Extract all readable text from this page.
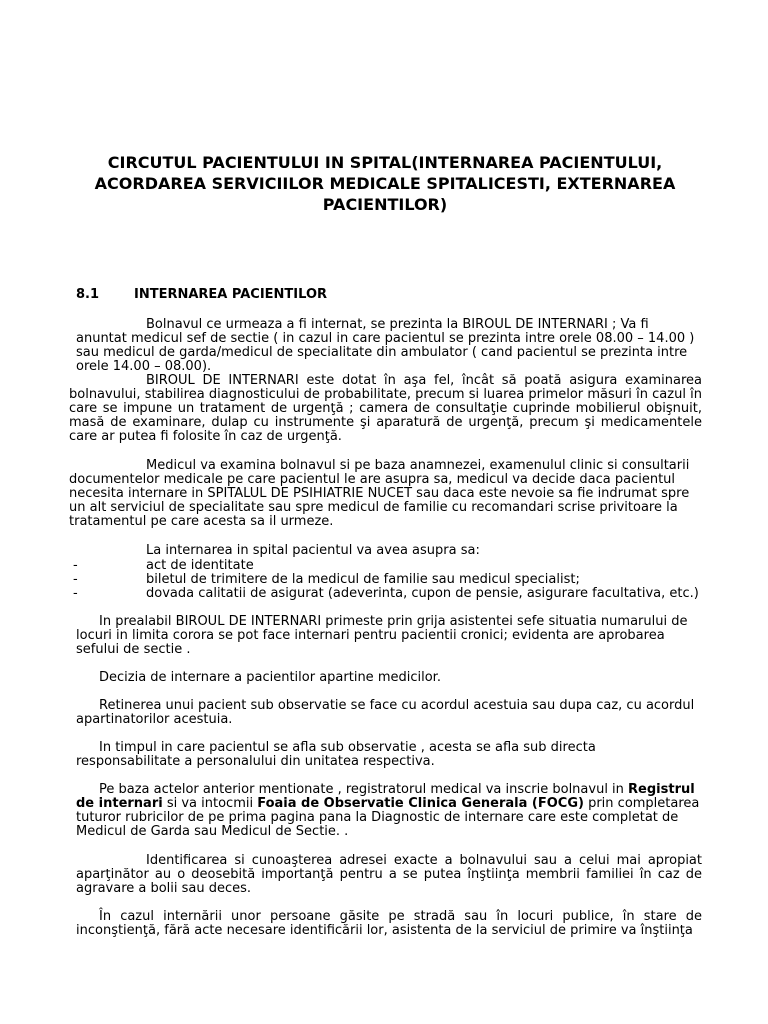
CIRCUTUL PACIENTULUI IN SPITAL(INTERNAREA PACIENTULUI, ACORDAREA SERVICIILOR MEDICALE SPITALICESTI, EXTERNAREA PACIENTILOR)
8.1	INTERNAREA PACIENTILOR

Bolnavul ce urmeaza a fi internat, se prezinta la BIROUL DE INTERNARI ; Va fi anuntat medicul sef de sectie ( in cazul in care pacientul se prezinta intre orele 08.00 – 14.00 ) sau medicul de garda/medicul de specialitate din ambulator ( cand pacientul se prezinta intre orele 14.00 – 08.00).

BIROUL DE INTERNARI este dotat în aşa fel, încât să poată asigura examinarea bolnavului, stabilirea diagnosticului de probabilitate, precum si luarea primelor măsuri în cazul în care se impune un tratament de urgenţă ; camera de consultaţie cuprinde mobilierul obişnuit, masă de examinare, dulap cu instrumente şi aparatură de urgenţă, precum şi medicamentele care ar putea fi folosite în caz de urgenţă.

Medicul va examina bolnavul si pe baza anamnezei, examenulul clinic si consultarii documentelor medicale pe care pacientul le are asupra sa, medicul va decide daca pacientul necesita internare in SPITALUL DE PSIHIATRIE NUCET sau daca este nevoie sa fie indrumat spre un alt serviciul de specialitate sau spre medicul de familie cu recomandari scrise privitoare la tratamentul pe care acesta sa il urmeze.

La internarea in spital pacientul va avea asupra sa:

-	act de identitate
-	biletul de trimitere de la medicul de familie sau medicul specialist;
-	dovada calitatii de asigurat (adeverinta, cupon de pensie, asigurare facultativa, etc.)

In prealabil BIROUL DE INTERNARI primeste prin grija asistentei sefe situatia numarului de locuri in limita corora se pot face internari pentru pacientii cronici; evidenta are aprobarea sefului de sectie .

Decizia de internare a pacientilor apartine medicilor.

Retinerea unui pacient sub observatie se face cu acordul acestuia sau dupa caz, cu acordul apartinatorilor acestuia.

In timpul in care pacientul se afla sub observatie , acesta se afla sub directa responsabilitate a personalului din unitatea respectiva.

Pe baza actelor anterior mentionate , registratorul medical va inscrie bolnavul in Registrul de internari si va intocmii Foaia de Observatie Clinica Generala (FOCG) prin completarea tuturor rubricilor de pe prima pagina pana la Diagnostic de internare care este completat de Medicul de Garda sau Medicul de Sectie. .

Identificarea si cunoaşterea adresei exacte a bolnavului sau a celui mai apropiat aparţinător au o deosebită importanţă pentru a se putea înştiinţa membrii familiei în caz de agravare a bolii sau deces.

În cazul internării unor persoane găsite pe stradă sau în locuri publice, în stare de inconştienţă, fără acte necesare identificării lor, asistenta de la serviciul de primire va înştiinţa
